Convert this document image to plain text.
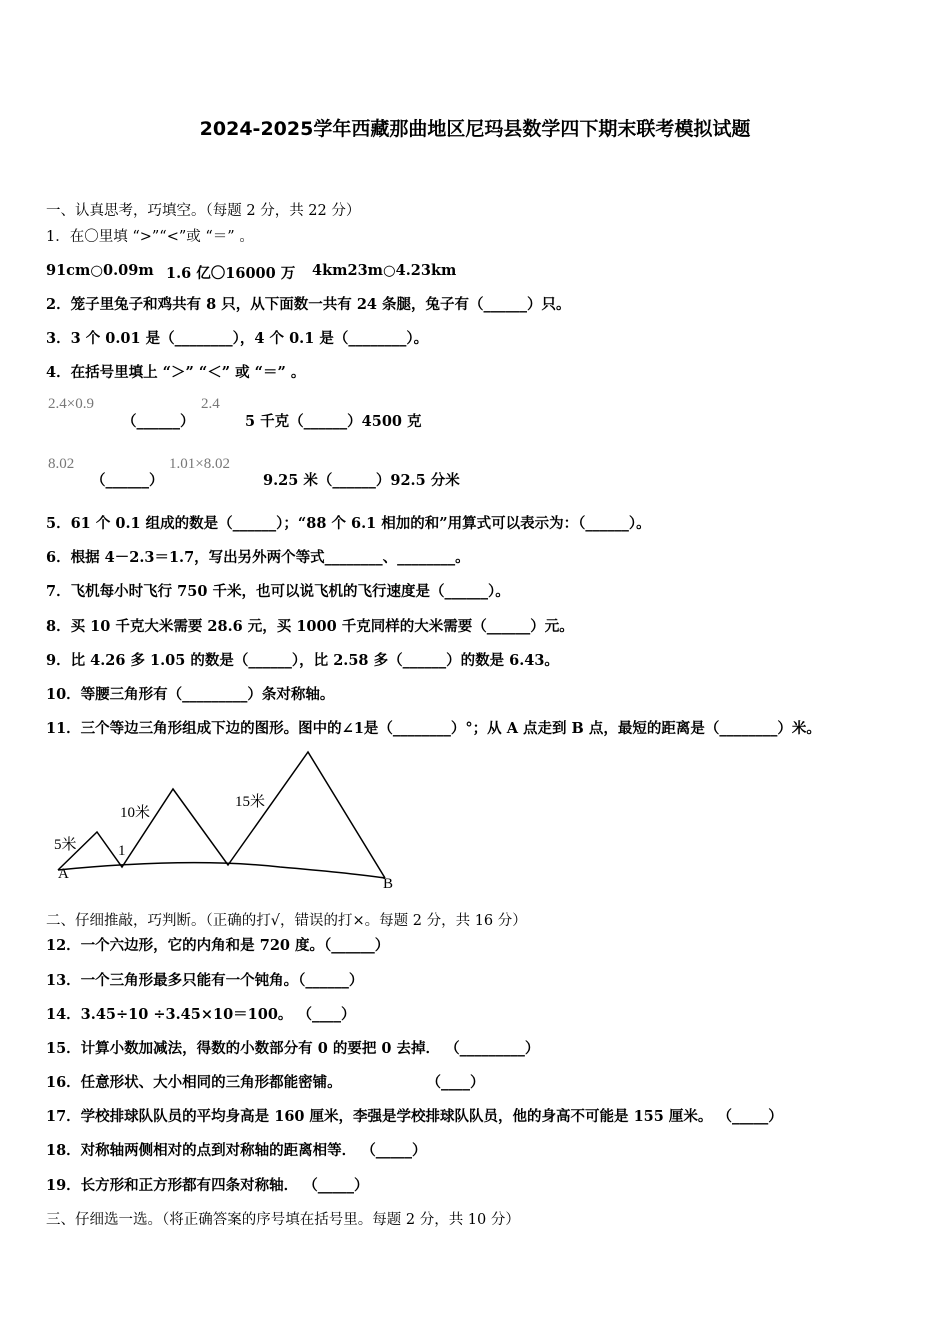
2024-2025学年西藏那曲地区尼玛县数学四下期末联考模拟试题
一、认真思考，巧填空。（每题 2 分，共 22 分）
1．在〇里填 “>”“<”或 “＝” 。
91cm○0.09m 1.6 亿〇16000 万 4km23m○4.23km
2．笼子里兔子和鸡共有 8 只，从下面数一共有 24 条腿，兔子有（______）只。
3．3 个 0.01 是（________），4 个 0.1 是（________）。
4．在括号里填上 “＞” “＜” 或 “＝” 。
2.4×0.9
（______）
2.4
5 千克（______）4500 克
8.02
（______）
1.01×8.02
9.25 米（______）92.5 分米
5．61 个 0.1 组成的数是（______）；“88 个 6.1 相加的和”用算式可以表示为：（______）。
6．根据 4－2.3＝1.7，写出另外两个等式________、________。
7．飞机每小时飞行 750 千米，也可以说飞机的飞行速度是（______）。
8．买 10 千克大米需要 28.6 元，买 1000 千克同样的大米需要（______）元。
9．比 4.26 多 1.05 的数是（______），比 2.58 多（______）的数是 6.43。
10．等腰三角形有（_________）条对称轴。
11．三个等边三角形组成下边的图形。图中的∠1是（________）°；从 A 点走到 B 点，最短的距离是（________）米。
5米
10米
15米
1
A
B
二、仔细推敲，巧判断。（正确的打√，错误的打×。每题 2 分，共 16 分）
12．一个六边形，它的内角和是 720 度。（______）
13．一个三角形最多只能有一个钝角。（______）
14．3.45÷10 ÷3.45×10＝100。 （____）
15．计算小数加减法，得数的小数部分有 0 的要把 0 去掉． （_________）
16．任意形状、大小相同的三角形都能密铺。 　　　　　　（____）
17．学校排球队队员的平均身高是 160 厘米，李强是学校排球队队员，他的身高不可能是 155 厘米。 （_____）
18．对称轴两侧相对的点到对称轴的距离相等． （_____）
19．长方形和正方形都有四条对称轴． （_____）
三、仔细选一选。（将正确答案的序号填在括号里。每题 2 分，共 10 分）
